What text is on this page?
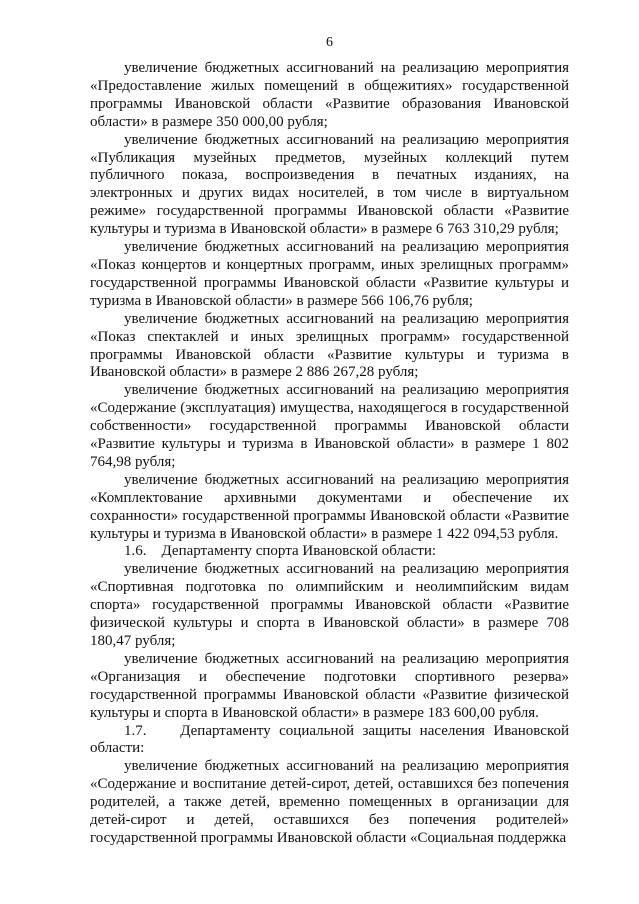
6

увеличение бюджетных ассигнований на реализацию мероприятия «Предоставление жилых помещений в общежитиях» государственной программы Ивановской области «Развитие образования Ивановской области» в размере 350 000,00 рубля;

увеличение бюджетных ассигнований на реализацию мероприятия «Публикация музейных предметов, музейных коллекций путем публичного показа, воспроизведения в печатных изданиях, на электронных и других видах носителей, в том числе в виртуальном режиме» государственной программы Ивановской области «Развитие культуры и туризма в Ивановской области» в размере 6 763 310,29 рубля;

увеличение бюджетных ассигнований на реализацию мероприятия «Показ концертов и концертных программ, иных зрелищных программ» государственной программы Ивановской области «Развитие культуры и туризма в Ивановской области» в размере 566 106,76 рубля;

увеличение бюджетных ассигнований на реализацию мероприятия «Показ спектаклей и иных зрелищных программ» государственной программы Ивановской области «Развитие культуры и туризма в Ивановской области» в размере 2 886 267,28 рубля;

увеличение бюджетных ассигнований на реализацию мероприятия «Содержание (эксплуатация) имущества, находящегося в государственной собственности» государственной программы Ивановской области «Развитие культуры и туризма в Ивановской области» в размере 1 802 764,98 рубля;

увеличение бюджетных ассигнований на реализацию мероприятия «Комплектование архивными документами и обеспечение их сохранности» государственной программы Ивановской области «Развитие культуры и туризма в Ивановской области» в размере 1 422 094,53 рубля.

1.6.    Департаменту спорта Ивановской области:

увеличение бюджетных ассигнований на реализацию мероприятия «Спортивная подготовка по олимпийским и неолимпийским видам спорта» государственной программы Ивановской области «Развитие физической культуры и спорта в Ивановской области» в размере 708 180,47 рубля;

увеличение бюджетных ассигнований на реализацию мероприятия «Организация и обеспечение подготовки спортивного резерва» государственной программы Ивановской области «Развитие физической культуры и спорта в Ивановской области» в размере 183 600,00 рубля.

1.7.    Департаменту социальной защиты населения Ивановской области:

увеличение бюджетных ассигнований на реализацию мероприятия «Содержание и воспитание детей-сирот, детей, оставшихся без попечения родителей, а также детей, временно помещенных в организации для детей-сирот и детей, оставшихся без попечения родителей» государственной программы Ивановской области «Социальная поддержка
